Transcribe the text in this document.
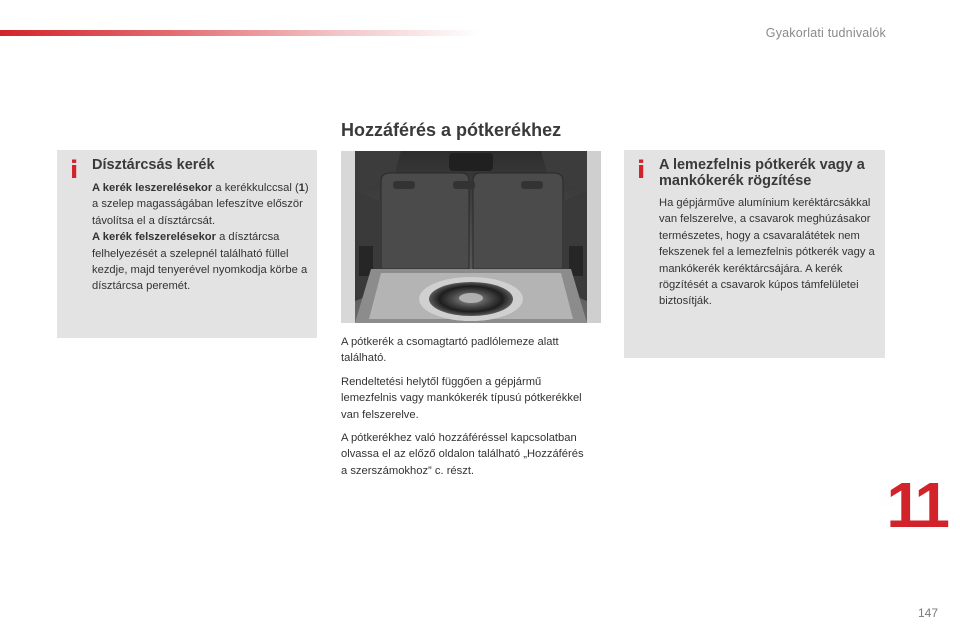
Gyakorlati tudnivalók
Hozzáférés a pótkerékhez
i Dísztárcsás kerék
A kerék leszerelésekor a kerékkulccsal (1) a szelep magasságában lefeszítve először távolítsa el a dísztárcsát.
A kerék felszerelésekor a dísztárcsa felhelyezését a szelepnél található füllel kezdje, majd tenyerével nyomkodja körbe a dísztárcsa peremét.

A pótkerék a csomagtartó padlólemeze alatt található.

Rendeltetési helytől függően a gépjármű lemezfelnis vagy mankókerék típusú pótkerékkel van felszerelve.

A pótkerékhez való hozzáféréssel kapcsolatban olvassa el az előző oldalon található „Hozzáférés a szerszámokhoz” c. részt.

i A lemezfelnis pótkerék vagy a mankókerék rögzítése
Ha gépjárműve alumínium keréktárcsákkal van felszerelve, a csavarok meghúzásakor természetes, hogy a csavaralátétek nem fekszenek fel a lemezfelnis pótkerék vagy a mankókerék keréktárcsájára. A kerék rögzítését a csavarok kúpos támfelületei biztosítják.
11
147
